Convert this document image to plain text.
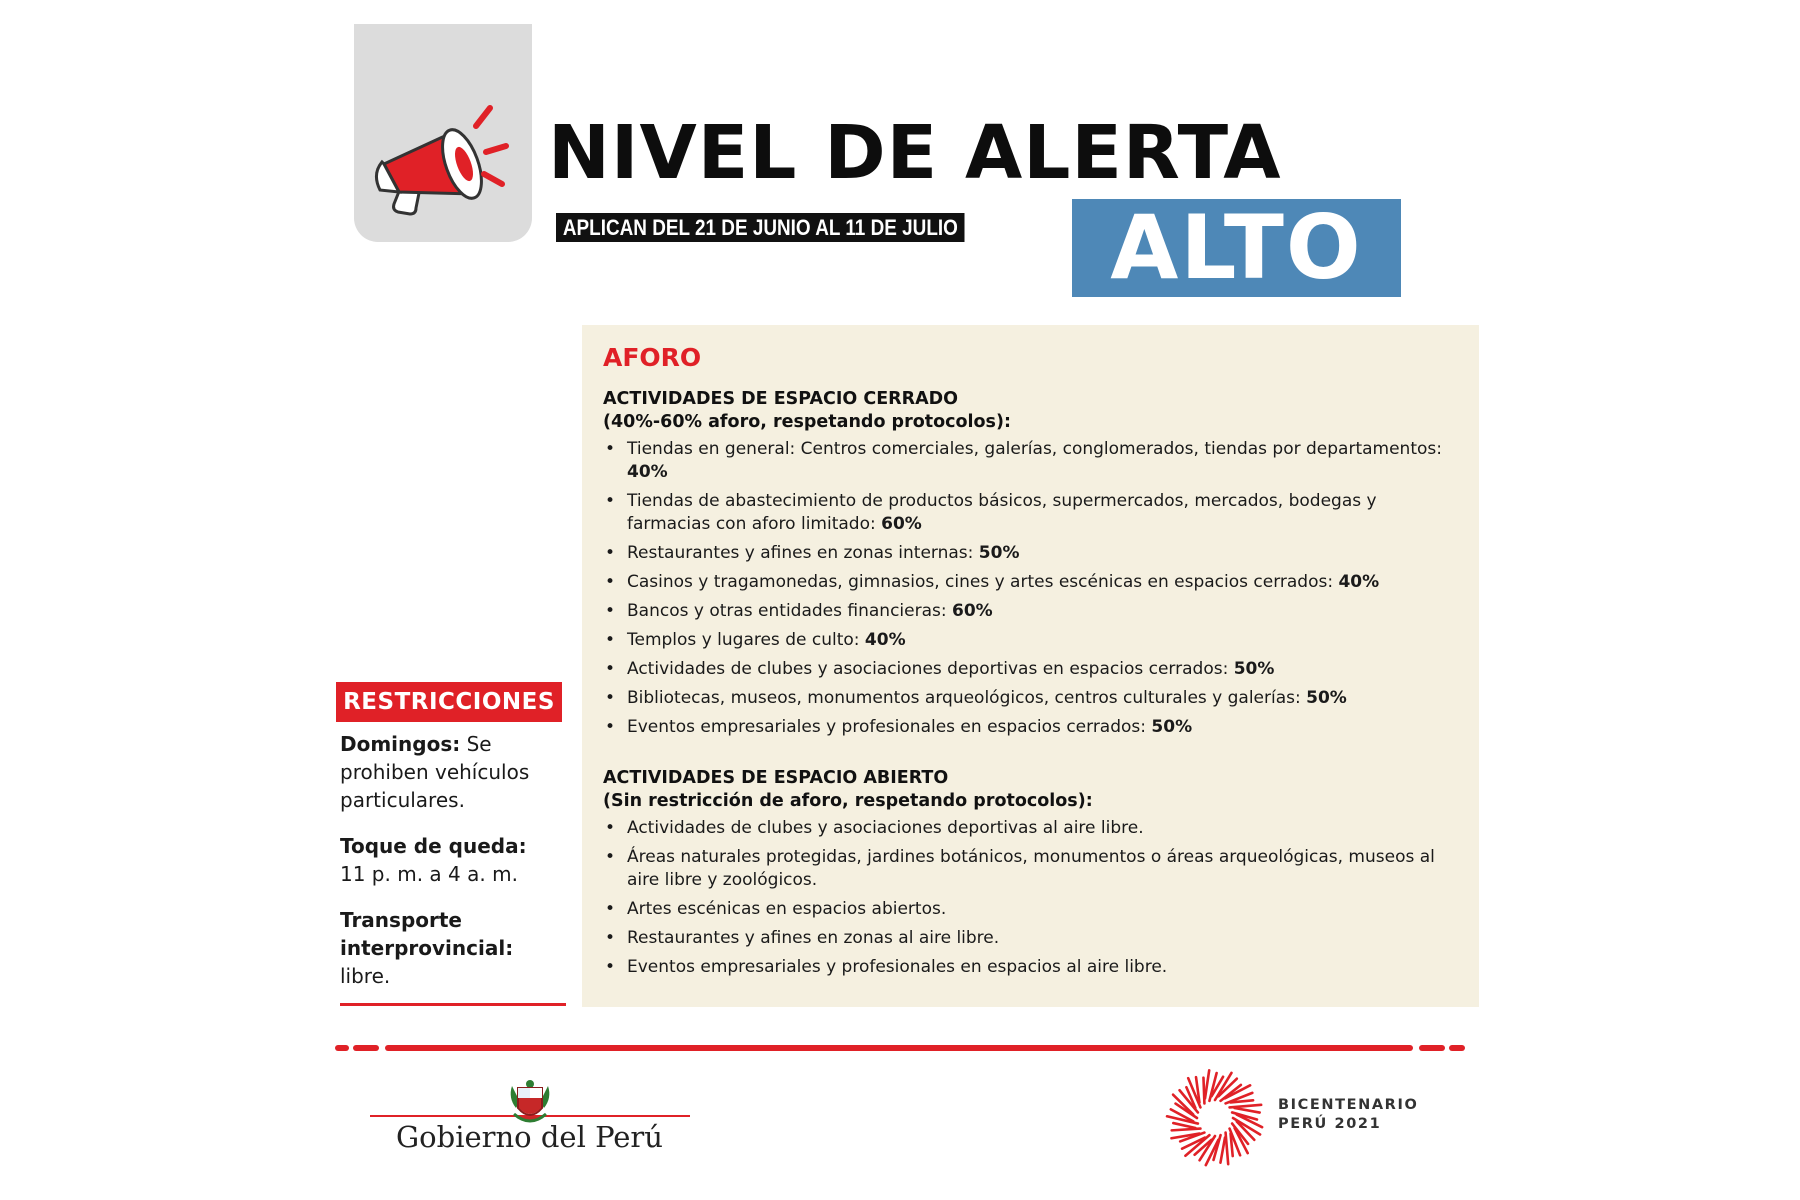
NIVEL DE ALERTA
APLICAN DEL 21 DE JUNIO AL 11 DE JULIO	ALTO
AFORO
ACTIVIDADES DE ESPACIO CERRADO
(40%-60% aforo, respetando protocolos):
• Tiendas en general: Centros comerciales, galerías, conglomerados, tiendas por departamentos: 40%
• Tiendas de abastecimiento de productos básicos, supermercados, mercados, bodegas y farmacias con aforo limitado: 60%
• Restaurantes y afines en zonas internas: 50%
• Casinos y tragamonedas, gimnasios, cines y artes escénicas en espacios cerrados: 40%
• Bancos y otras entidades financieras: 60%
• Templos y lugares de culto: 40%
• Actividades de clubes y asociaciones deportivas en espacios cerrados: 50%
• Bibliotecas, museos, monumentos arqueológicos, centros culturales y galerías: 50%
• Eventos empresariales y profesionales en espacios cerrados: 50%
ACTIVIDADES DE ESPACIO ABIERTO
(Sin restricción de aforo, respetando protocolos):
• Actividades de clubes y asociaciones deportivas al aire libre.
• Áreas naturales protegidas, jardines botánicos, monumentos o áreas arqueológicas, museos al aire libre y zoológicos.
• Artes escénicas en espacios abiertos.
• Restaurantes y afines en zonas al aire libre.
• Eventos empresariales y profesionales en espacios al aire libre.
RESTRICCIONES
Domingos: Se prohiben vehículos particulares.
Toque de queda:
11 p. m. a 4 a. m.
Transporte interprovincial:
libre.
Gobierno del Perú
BICENTENARIO
PERÚ 2021
